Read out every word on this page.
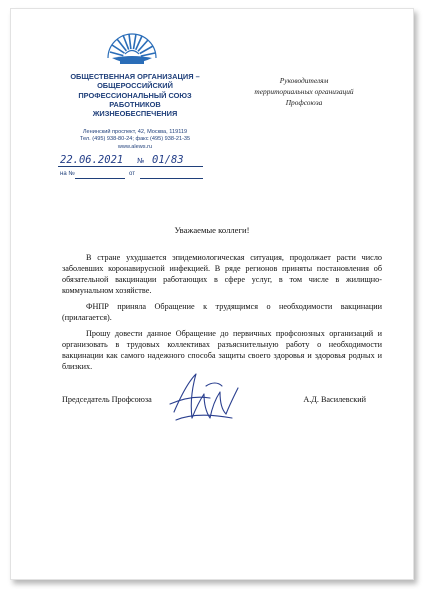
ОБЩЕСТВЕННАЯ ОРГАНИЗАЦИЯ –
ОБЩЕРОССИЙСКИЙ
ПРОФЕССИОНАЛЬНЫЙ СОЮЗ
РАБОТНИКОВ
ЖИЗНЕОБЕСПЕЧЕНИЯ
Руководителям
территориальных организаций
Профсоюза
Ленинский проспект, 42, Москва, 119119
Тел. (495) 938-80-24; факс (495) 938-21-35
www.alews.ru
22.06.2021 № 01/83
на №	от
Уважаемые коллеги!

В стране ухудшается эпидемиологическая ситуация, продолжает расти число заболевших коронавирусной инфекцией. В ряде регионов приняты постановления об обязательной вакцинации работающих в сфере услуг, в том числе в жилищно-коммунальном хозяйстве.

ФНПР приняла Обращение к трудящимся о необходимости вакцинации (прилагается).

Прошу довести данное Обращение до первичных профсоюзных организаций и организовать в трудовых коллективах разъяснительную работу о необходимости вакцинации как самого надежного способа защиты своего здоровья и здоровья родных и близких.

Председатель Профсоюза	А.Д. Василевский
